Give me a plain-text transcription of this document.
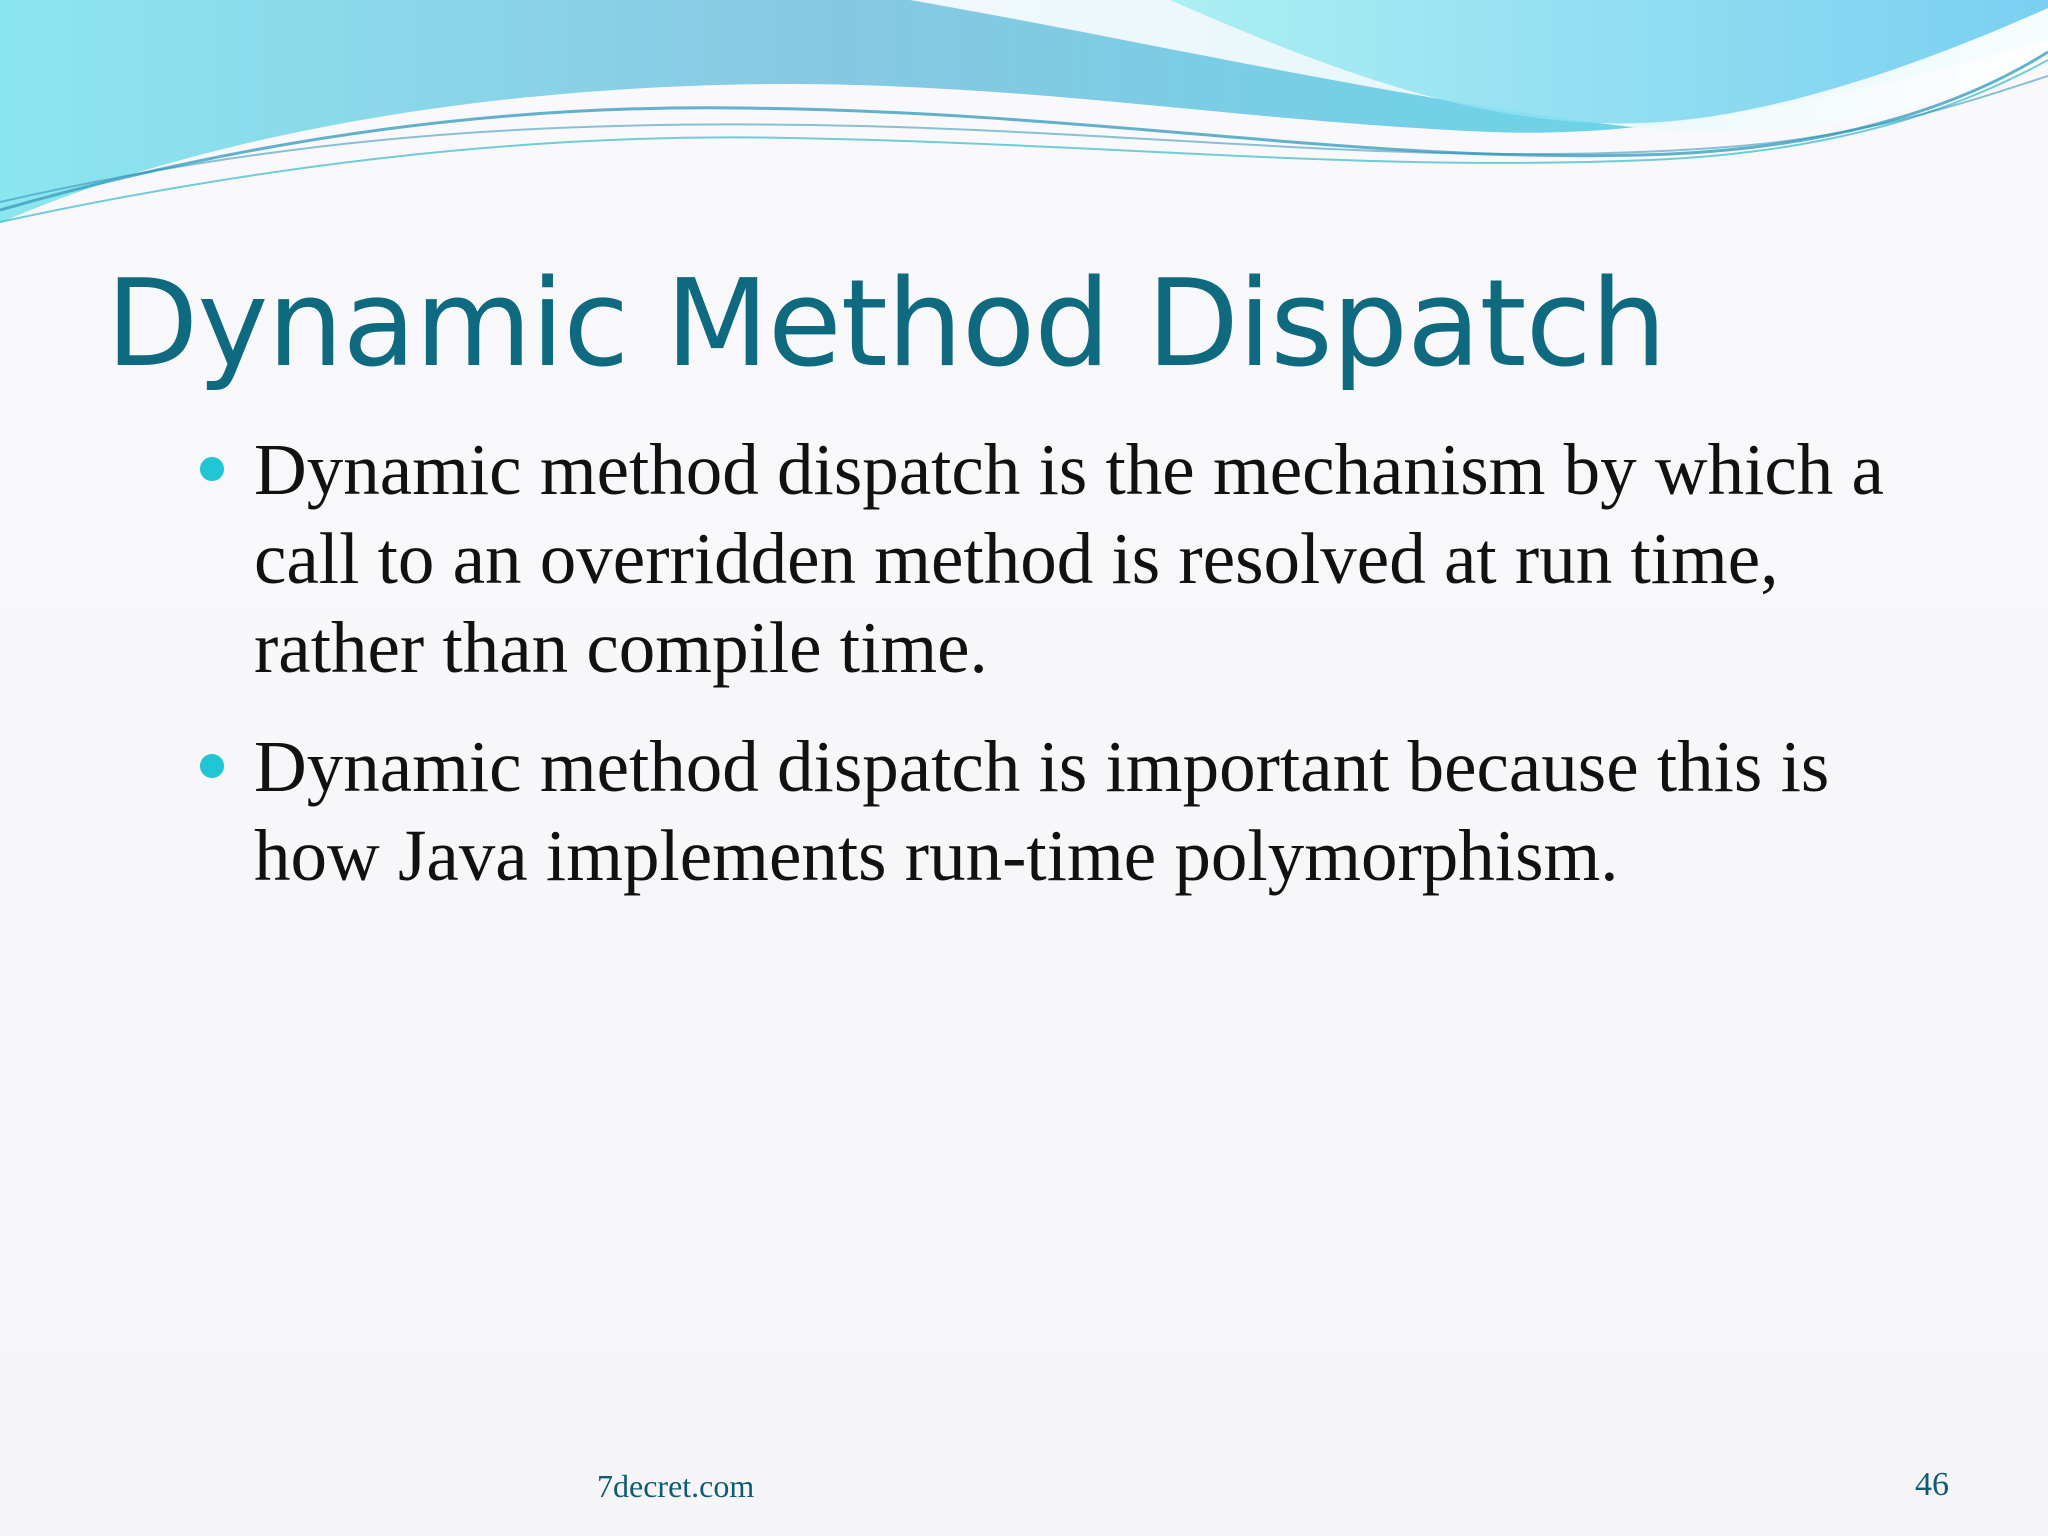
Dynamic Method Dispatch
Dynamic method dispatch is the mechanism by which a call to an overridden method is resolved at run time, rather than compile time.
Dynamic method dispatch is important because this is how Java implements run-time polymorphism.
7decret.com	46
